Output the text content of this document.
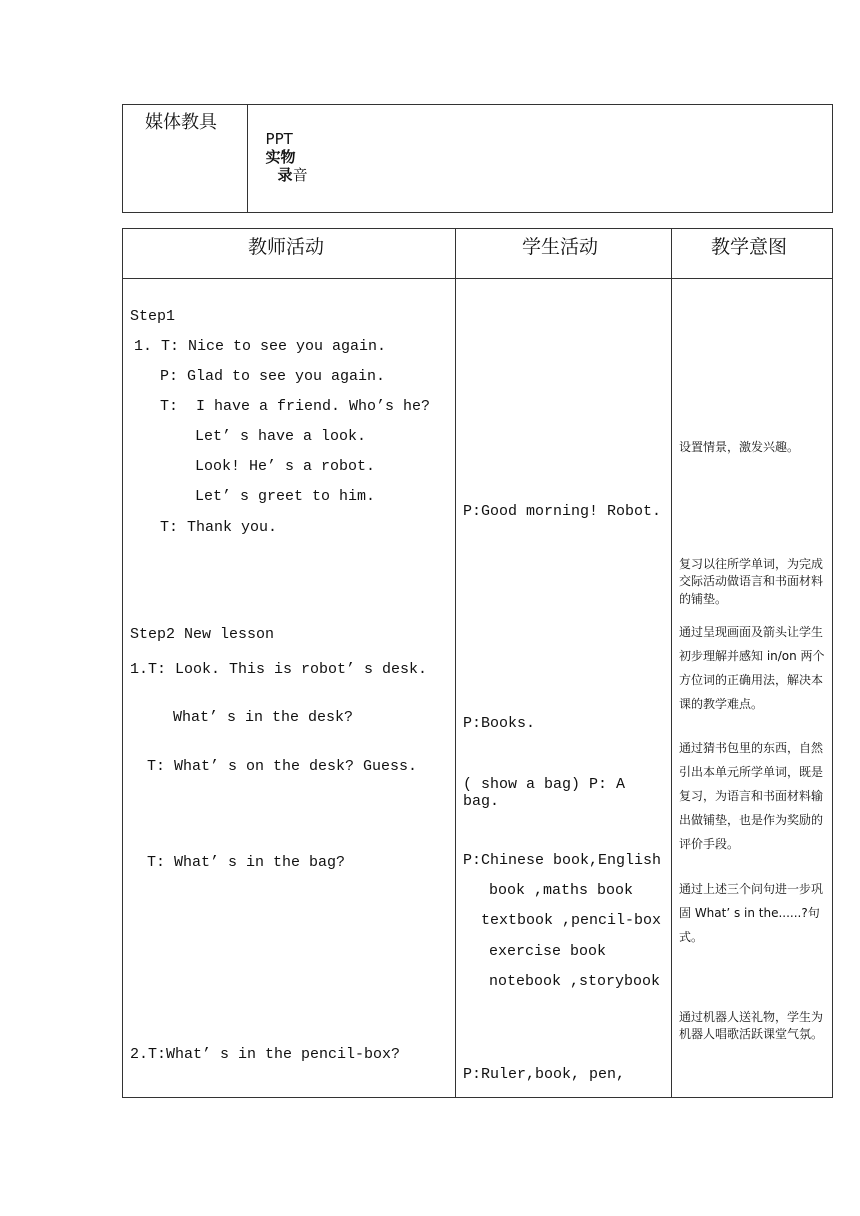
媒体教具

PPT
实物
录音

教师活动	学生活动	教学意图
Step1
1. T: Nice to see you again.
P: Glad to see you again.
T:  I have a friend. Who’s he?
Let’ s have a look.
Look! He’ s a robot.
Let’ s greet to him.
T: Thank you.
Step2 New lesson
1.T: Look. This is robot’ s desk.
What’ s in the desk?
T: What’ s on the desk? Guess.
T: What’ s in the bag?
2.T:What’ s in the pencil-box?
P:Good morning! Robot.
P:Books.
( show a bag) P: A
bag.
P:Chinese book,English
book ,maths book
textbook ,pencil-box
exercise book
notebook ,storybook
P:Ruler,book, pen,
设置情景，激发兴趣。
复习以往所学单词，为完成交际活动做语言和书面材料的铺垫。
通过呈现画面及箭头让学生初步理解并感知 in/on 两个方位词的正确用法，解决本课的教学难点。
通过猜书包里的东西，自然引出本单元所学单词，既是复习，为语言和书面材料输出做铺垫，也是作为奖励的评价手段。
通过上述三个问句进一步巩固 What’ s in the......?句式。
通过机器人送礼物，学生为机器人唱歌活跃课堂气氛。
